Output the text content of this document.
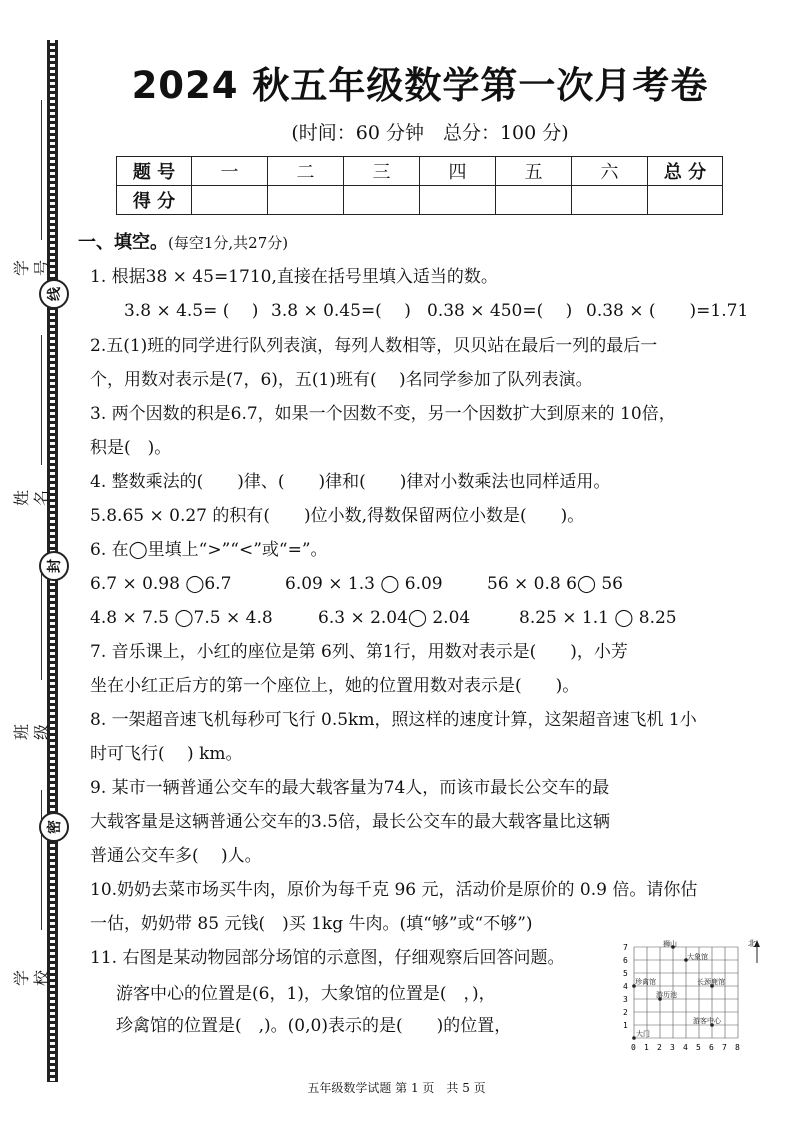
学 号
姓 名
班 级
学 校
线
封
密
2024 秋五年级数学第一次月考卷
(时间：60 分钟　总分：100 分)
题 号	一	二	三	四	五	六	总 分
得 分							
一、填空。(每空1分,共27分)
1. 根据38 × 45=1710,直接在括号里填入适当的数。
3.8 × 4.5= (　 ) 3.8 × 0.45=(　 ) 0.38 × 450=(　 ) 0.38 × (　　)=1.71
2.五(1)班的同学进行队列表演，每列人数相等，贝贝站在最后一列的最后一
个，用数对表示是(7，6)，五(1)班有(　 )名同学参加了队列表演。
3. 两个因数的积是6.7，如果一个因数不变，另一个因数扩大到原来的 10倍，
积是(　)。
4. 整数乘法的(　　)律、(　　)律和(　　)律对小数乘法也同样适用。
5.8.65 × 0.27 的积有(　　)位小数,得数保留两位小数是(　　)。
6. 在◯里填上“>”“<”或“=”。
6.7 × 0.98 ◯6.7	6.09 × 1.3 ◯ 6.09	56 × 0.8 6◯ 56
4.8 × 7.5 ◯7.5 × 4.8	6.3 × 2.04◯ 2.04	8.25 × 1.1 ◯ 8.25
7. 音乐课上，小红的座位是第 6列、第1行，用数对表示是(　　)，小芳
坐在小红正后方的第一个座位上，她的位置用数对表示是(　　)。
8. 一架超音速飞机每秒可飞行 0.5km，照这样的速度计算，这架超音速飞机 1小
时可飞行(　 ) km。
9. 某市一辆普通公交车的最大载客量为74人，而该市最长公交车的最
大载客量是这辆普通公交车的3.5倍，最长公交车的最大载客量比这辆
普通公交车多(　 )人。
10.奶奶去菜市场买牛肉，原价为每千克 96 元，活动价是原价的 0.9 倍。请你估
一估，奶奶带 85 元钱(　)买 1kg 牛肉。(填“够”或“不够”)
11. 右图是某动物园部分场馆的示意图，仔细观察后回答问题。
游客中心的位置是(6，1)，大象馆的位置是(　，)，
珍禽馆的位置是(　,)。(0,0)表示的是(　　)的位置，
北
7
6
5
4
3
2
1
0 1 2 3 4 5 6 7 8
狮山
大象馆
珍禽馆	长颈鹿馆
游历池
游客中心
大门
五年级数学试题 第 1 页　共 5 页
